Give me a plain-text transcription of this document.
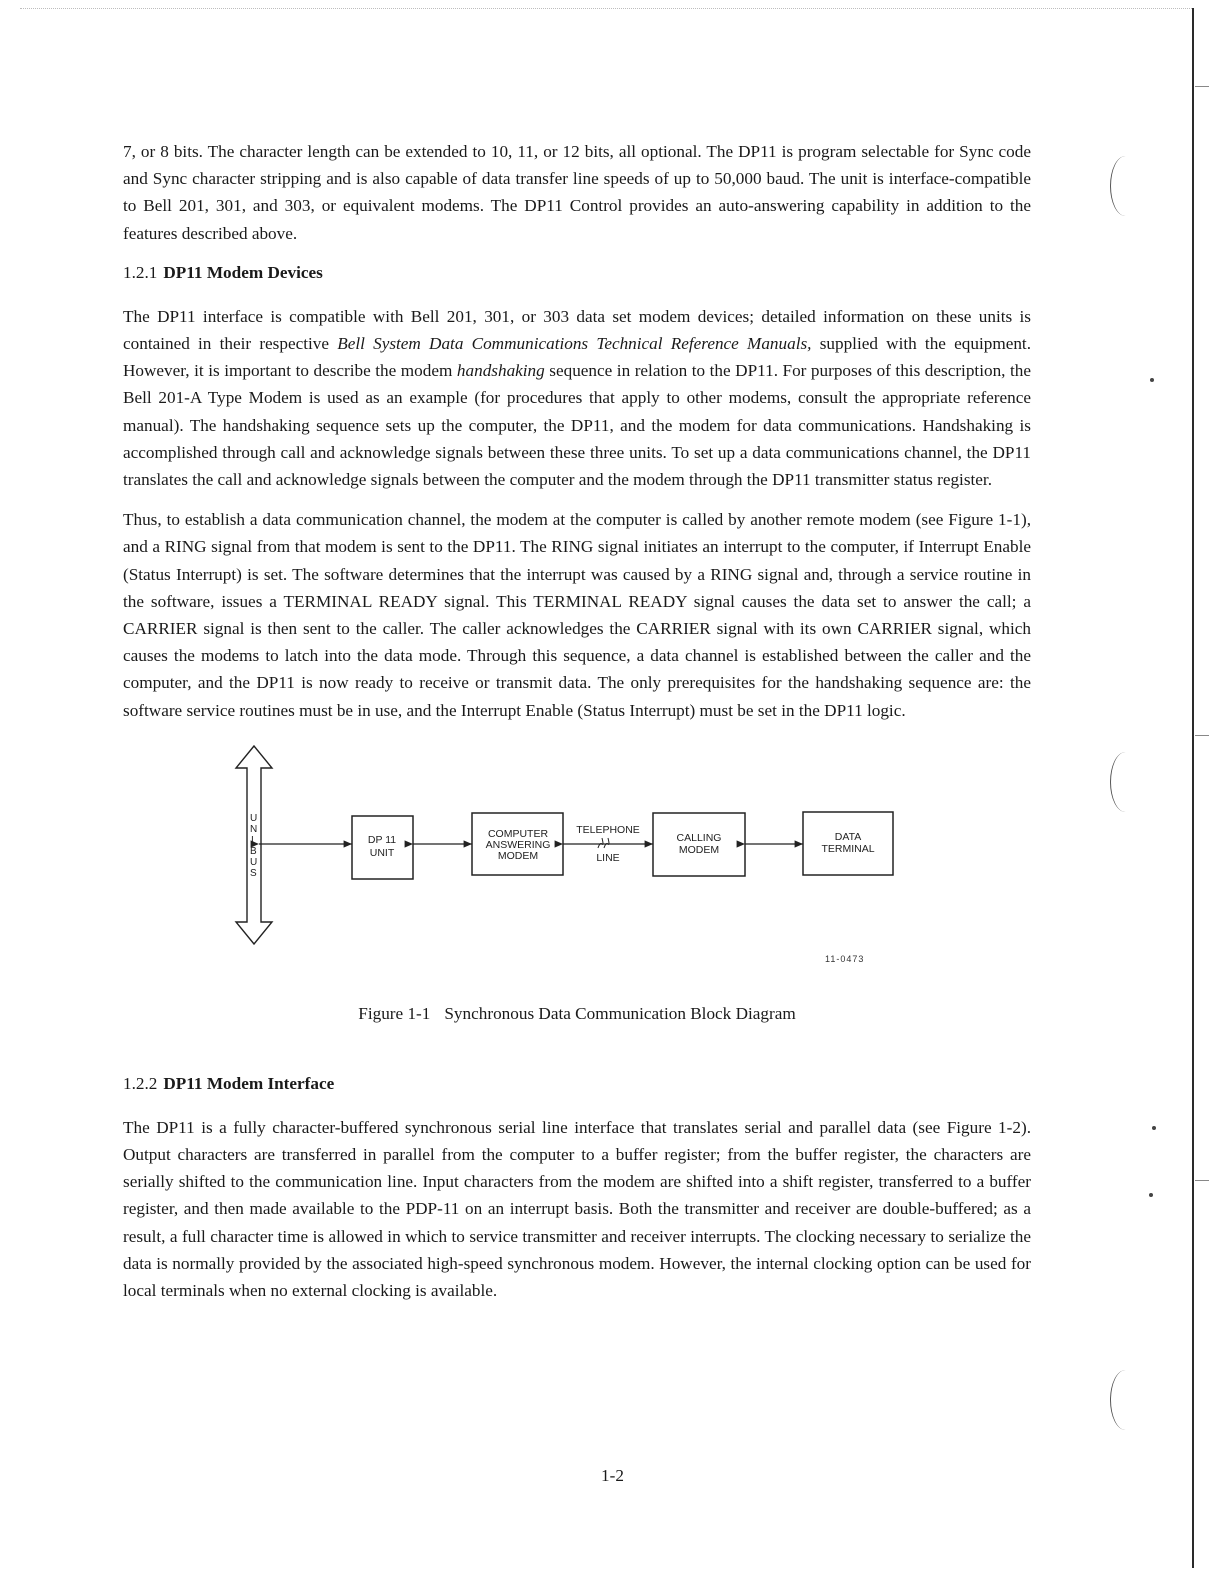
7, or 8 bits. The character length can be extended to 10, 11, or 12 bits, all optional. The DP11 is program selectable for Sync code and Sync character stripping and is also capable of data transfer line speeds of up to 50,000 baud. The unit is interface-compatible to Bell 201, 301, and 303, or equivalent modems. The DP11 Control provides an auto-answering capability in addition to the features described above.

1.2.1 DP11 Modem Devices

The DP11 interface is compatible with Bell 201, 301, or 303 data set modem devices; detailed information on these units is contained in their respective Bell System Data Communications Technical Reference Manuals, supplied with the equipment. However, it is important to describe the modem handshaking sequence in relation to the DP11. For purposes of this description, the Bell 201-A Type Modem is used as an example (for procedures that apply to other modems, consult the appropriate reference manual). The handshaking sequence sets up the computer, the DP11, and the modem for data communications. Handshaking is accomplished through call and acknowledge signals between these three units. To set up a data communications channel, the DP11 translates the call and acknowledge signals between the computer and the modem through the DP11 transmitter status register.

Thus, to establish a data communication channel, the modem at the computer is called by another remote modem (see Figure 1-1), and a RING signal from that modem is sent to the DP11. The RING signal initiates an interrupt to the computer, if Interrupt Enable (Status Interrupt) is set. The software determines that the interrupt was caused by a RING signal and, through a service routine in the software, issues a TERMINAL READY signal. This TERMINAL READY signal causes the data set to answer the call; a CARRIER signal is then sent to the caller. The caller acknowledges the CARRIER signal with its own CARRIER signal, which causes the modems to latch into the data mode. Through this sequence, a data channel is established between the caller and the computer, and the DP11 is now ready to receive or transmit data. The only prerequisites for the handshaking sequence are: the software service routines must be in use, and the Interrupt Enable (Status Interrupt) must be set in the DP11 logic.

U
N
I
B
U
S
DP 11
UNIT
COMPUTER
ANSWERING
MODEM
TELEPHONE
LINE
CALLING
MODEM
DATA
TERMINAL
11-0473
Figure 1-1 Synchronous Data Communication Block Diagram
1.2.2 DP11 Modem Interface

The DP11 is a fully character-buffered synchronous serial line interface that translates serial and parallel data (see Figure 1-2). Output characters are transferred in parallel from the computer to a buffer register; from the buffer register, the characters are serially shifted to the communication line. Input characters from the modem are shifted into a shift register, transferred to a buffer register, and then made available to the PDP-11 on an interrupt basis. Both the transmitter and receiver are double-buffered; as a result, a full character time is allowed in which to service transmitter and receiver interrupts. The clocking necessary to serialize the data is normally provided by the associated high-speed synchronous modem. However, the internal clocking option can be used for local terminals when no external clocking is available.

1-2
